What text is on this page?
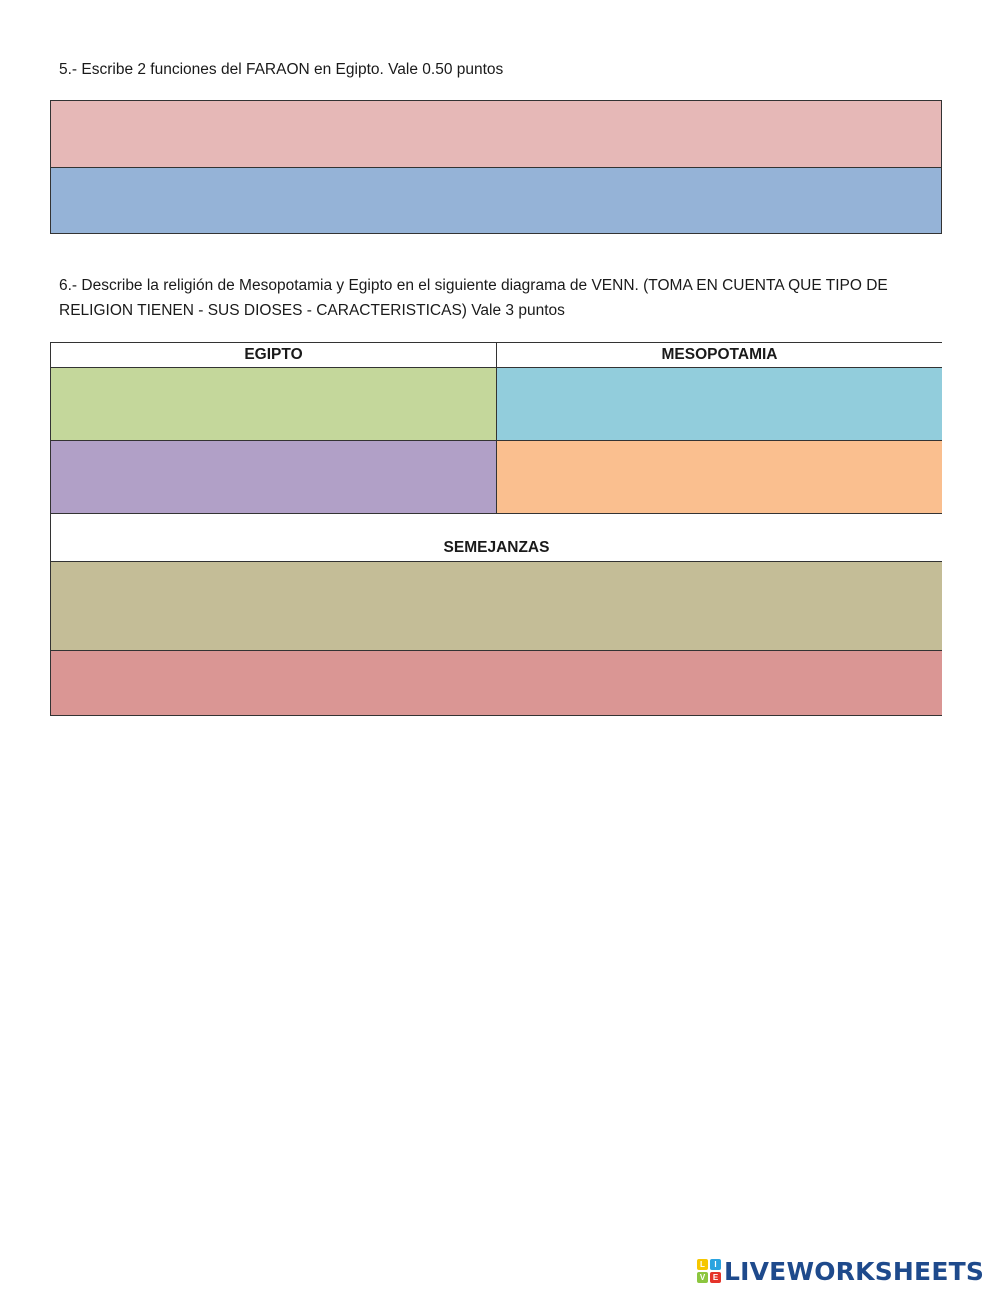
5.- Escribe 2 funciones del FARAON en Egipto. Vale 0.50 puntos
6.- Describe la religión de Mesopotamia y Egipto en el siguiente diagrama de VENN. (TOMA EN CUENTA QUE TIPO DE
RELIGION TIENEN - SUS DIOSES - CARACTERISTICAS) Vale 3 puntos
EGIPTO	MESOPOTAMIA
SEMEJANZAS
L	I
V E LIVEWORKSHEETS
